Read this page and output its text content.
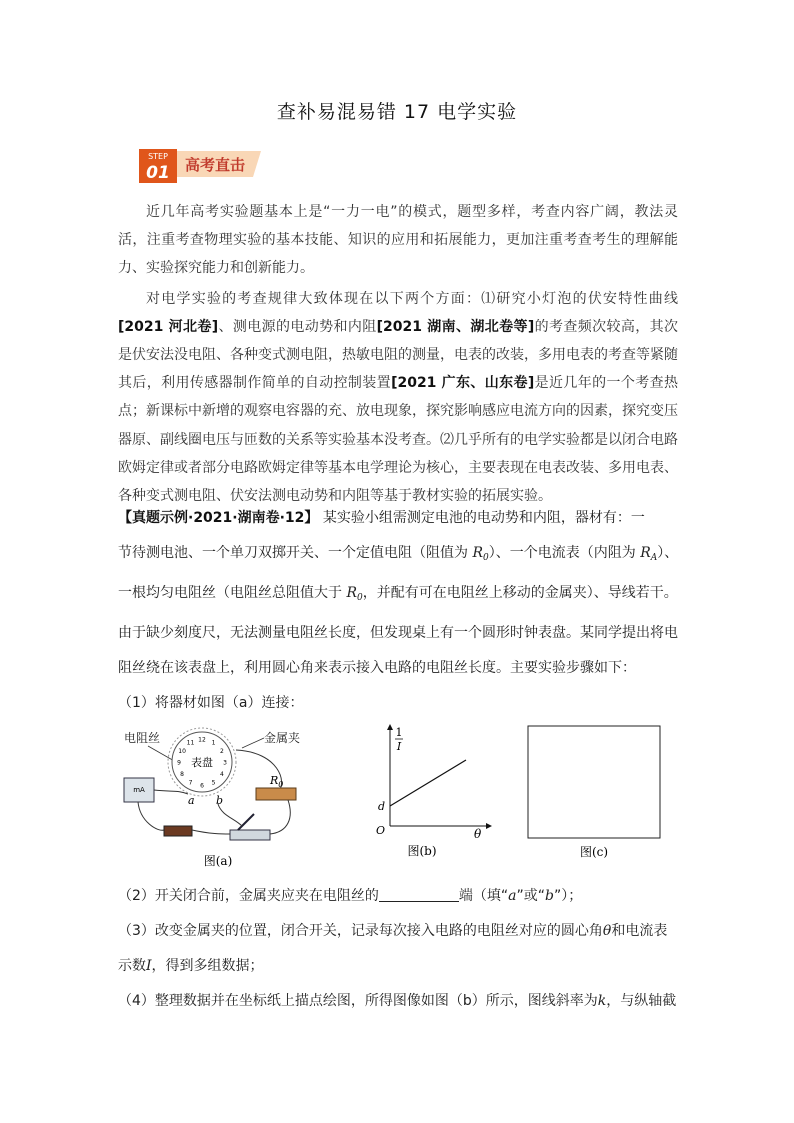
查补易混易错 17 电学实验
STEP
01 高考直击

近几年高考实验题基本上是“一力一电”的模式，题型多样，考查内容广阔，教法灵活，注重考查物理实验的基本技能、知识的应用和拓展能力，更加注重考查考生的理解能力、实验探究能力和创新能力。

对电学实验的考查规律大致体现在以下两个方面：⑴研究小灯泡的伏安特性曲线[2021 河北卷]、测电源的电动势和内阻[2021 湖南、湖北卷等]的考查频次较高，其次是伏安法没电阻、各种变式测电阻，热敏电阻的测量，电表的改装，多用电表的考查等紧随其后，利用传感器制作简单的自动控制装置[2021 广东、山东卷]是近几年的一个考查热点；新课标中新增的观察电容器的充、放电现象，探究影响感应电流方向的因素，探究变压器原、副线圈电压与匝数的关系等实验基本没考查。⑵几乎所有的电学实验都是以闭合电路欧姆定律或者部分电路欧姆定律等基本电学理论为核心，主要表现在电表改装、多用电表、各种变式测电阻、伏安法测电动势和内阻等基于教材实验的拓展实验。

【真题示例·2021·湖南卷·12】 某实验小组需测定电池的电动势和内阻，器材有：一

节待测电池、一个单刀双掷开关、一个定值电阻（阻值为 $R_0$）、一个电流表（内阻为 $R_A$）、

一根均匀电阻丝（电阻丝总阻值大于 $R_0$，并配有可在电阻丝上移动的金属夹）、导线若干。

由于缺少刻度尺，无法测量电阻丝长度，但发现桌上有一个圆形时钟表盘。某同学提出将电

阻丝绕在该表盘上，利用圆心角来表示接入电路的电阻丝长度。主要实验步骤如下：

（1）将器材如图（a）连接：

电阻丝	金属夹
表盘
12 1
2
3
4
5
6
7
8
9
10
11
$R_0$
a b
mA
图(a)
1
I
d
O	θ
图(b)	图(c)

（2）开关闭合前，金属夹应夹在电阻丝的	端（填“a”或“b”）；

（3）改变金属夹的位置，闭合开关，记录每次接入电路的电阻丝对应的圆心角θ和电流表

示数I，得到多组数据；

（4）整理数据并在坐标纸上描点绘图，所得图像如图（b）所示，图线斜率为k，与纵轴截
